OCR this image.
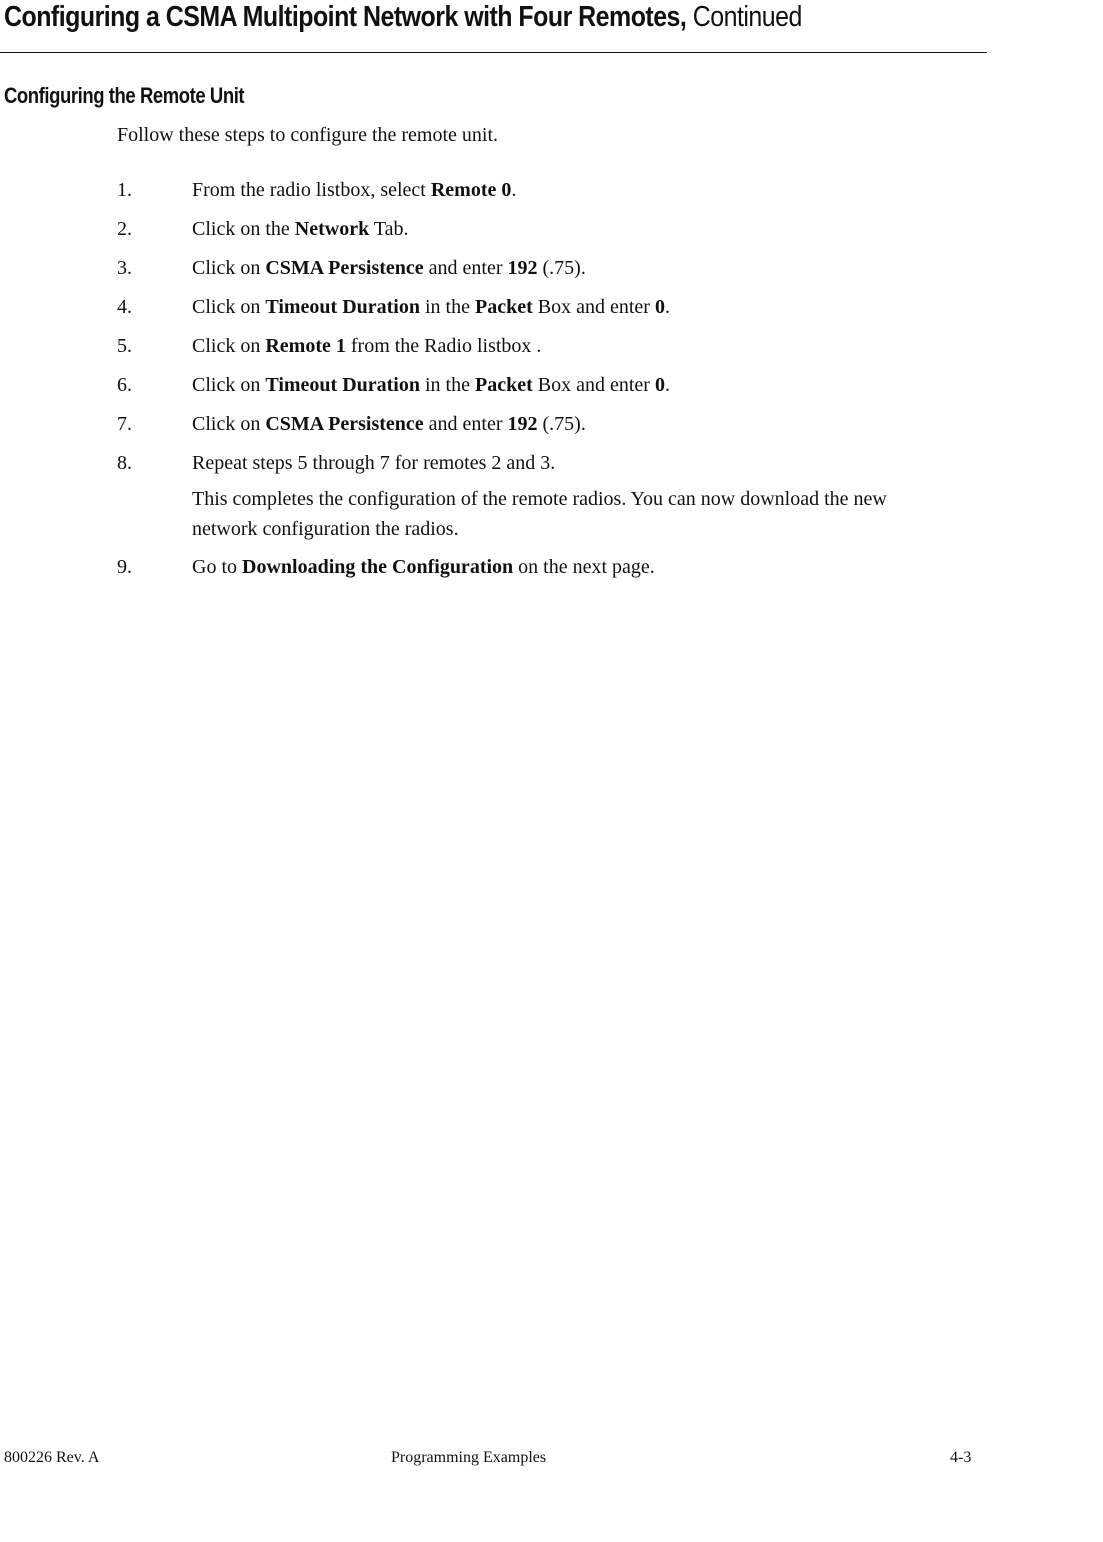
Configuring a CSMA Multipoint Network with Four Remotes, Continued
Configuring the Remote Unit

Follow these steps to configure the remote unit.

1.	From the radio listbox, select Remote 0.
2.	Click on the Network Tab.
3.	Click on CSMA Persistence and enter 192 (.75).
4.	Click on Timeout Duration in the Packet Box and enter 0.
5.	Click on Remote 1 from the Radio listbox .
6.	Click on Timeout Duration in the Packet Box and enter 0.
7.	Click on CSMA Persistence and enter 192 (.75).
8.	Repeat steps 5 through 7 for remotes 2 and 3.
This completes the configuration of the remote radios. You can now download the new network configuration the radios.
9.	Go to Downloading the Configuration on the next page.
800226 Rev. A	Programming Examples	4-3
